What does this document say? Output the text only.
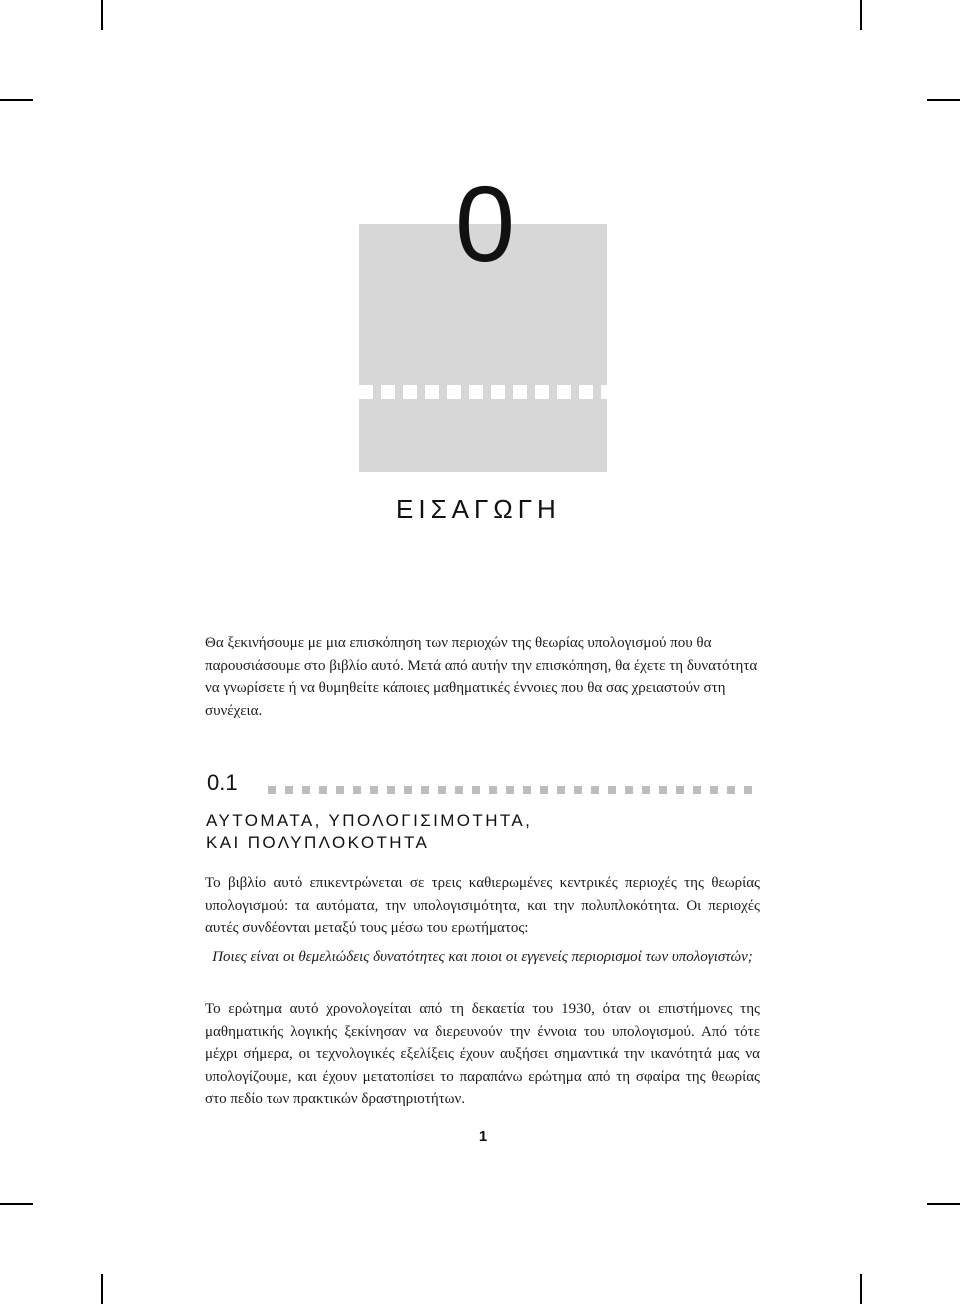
0
ΕΙΣΑΓΩΓΗ

Θα ξεκινήσουμε με μια επισκόπηση των περιοχών της θεωρίας υπολογισμού που θα παρουσιάσουμε στο βιβλίο αυτό. Μετά από αυτήν την επισκόπηση, θα έχετε τη δυνατότητα να γνωρίσετε ή να θυμηθείτε κάποιες μαθηματικές έννοιες που θα σας χρειαστούν στη συνέχεια.

0.1
ΑΥΤΟΜΑΤΑ, ΥΠΟΛΟΓΙΣΙΜΟΤΗΤΑ,
ΚΑΙ ΠΟΛΥΠΛΟΚΟΤΗΤΑ

Το βιβλίο αυτό επικεντρώνεται σε τρεις καθιερωμένες κεντρικές περιοχές της θεωρίας υπολογισμού: τα αυτόματα, την υπολογισιμότητα, και την πολυπλοκότητα. Οι περιοχές αυτές συνδέονται μεταξύ τους μέσω του ερωτήματος:

Ποιες είναι οι θεμελιώδεις δυνατότητες και ποιοι οι εγγενείς περιορισμοί των υπολογιστών;

Το ερώτημα αυτό χρονολογείται από τη δεκαετία του 1930, όταν οι επιστήμονες της μαθηματικής λογικής ξεκίνησαν να διερευνούν την έννοια του υπολογισμού. Από τότε μέχρι σήμερα, οι τεχνολογικές εξελίξεις έχουν αυξήσει σημαντικά την ικανότητά μας να υπολογίζουμε, και έχουν μετατοπίσει το παραπάνω ερώτημα από τη σφαίρα της θεωρίας στο πεδίο των πρακτικών δραστηριοτήτων.

1
